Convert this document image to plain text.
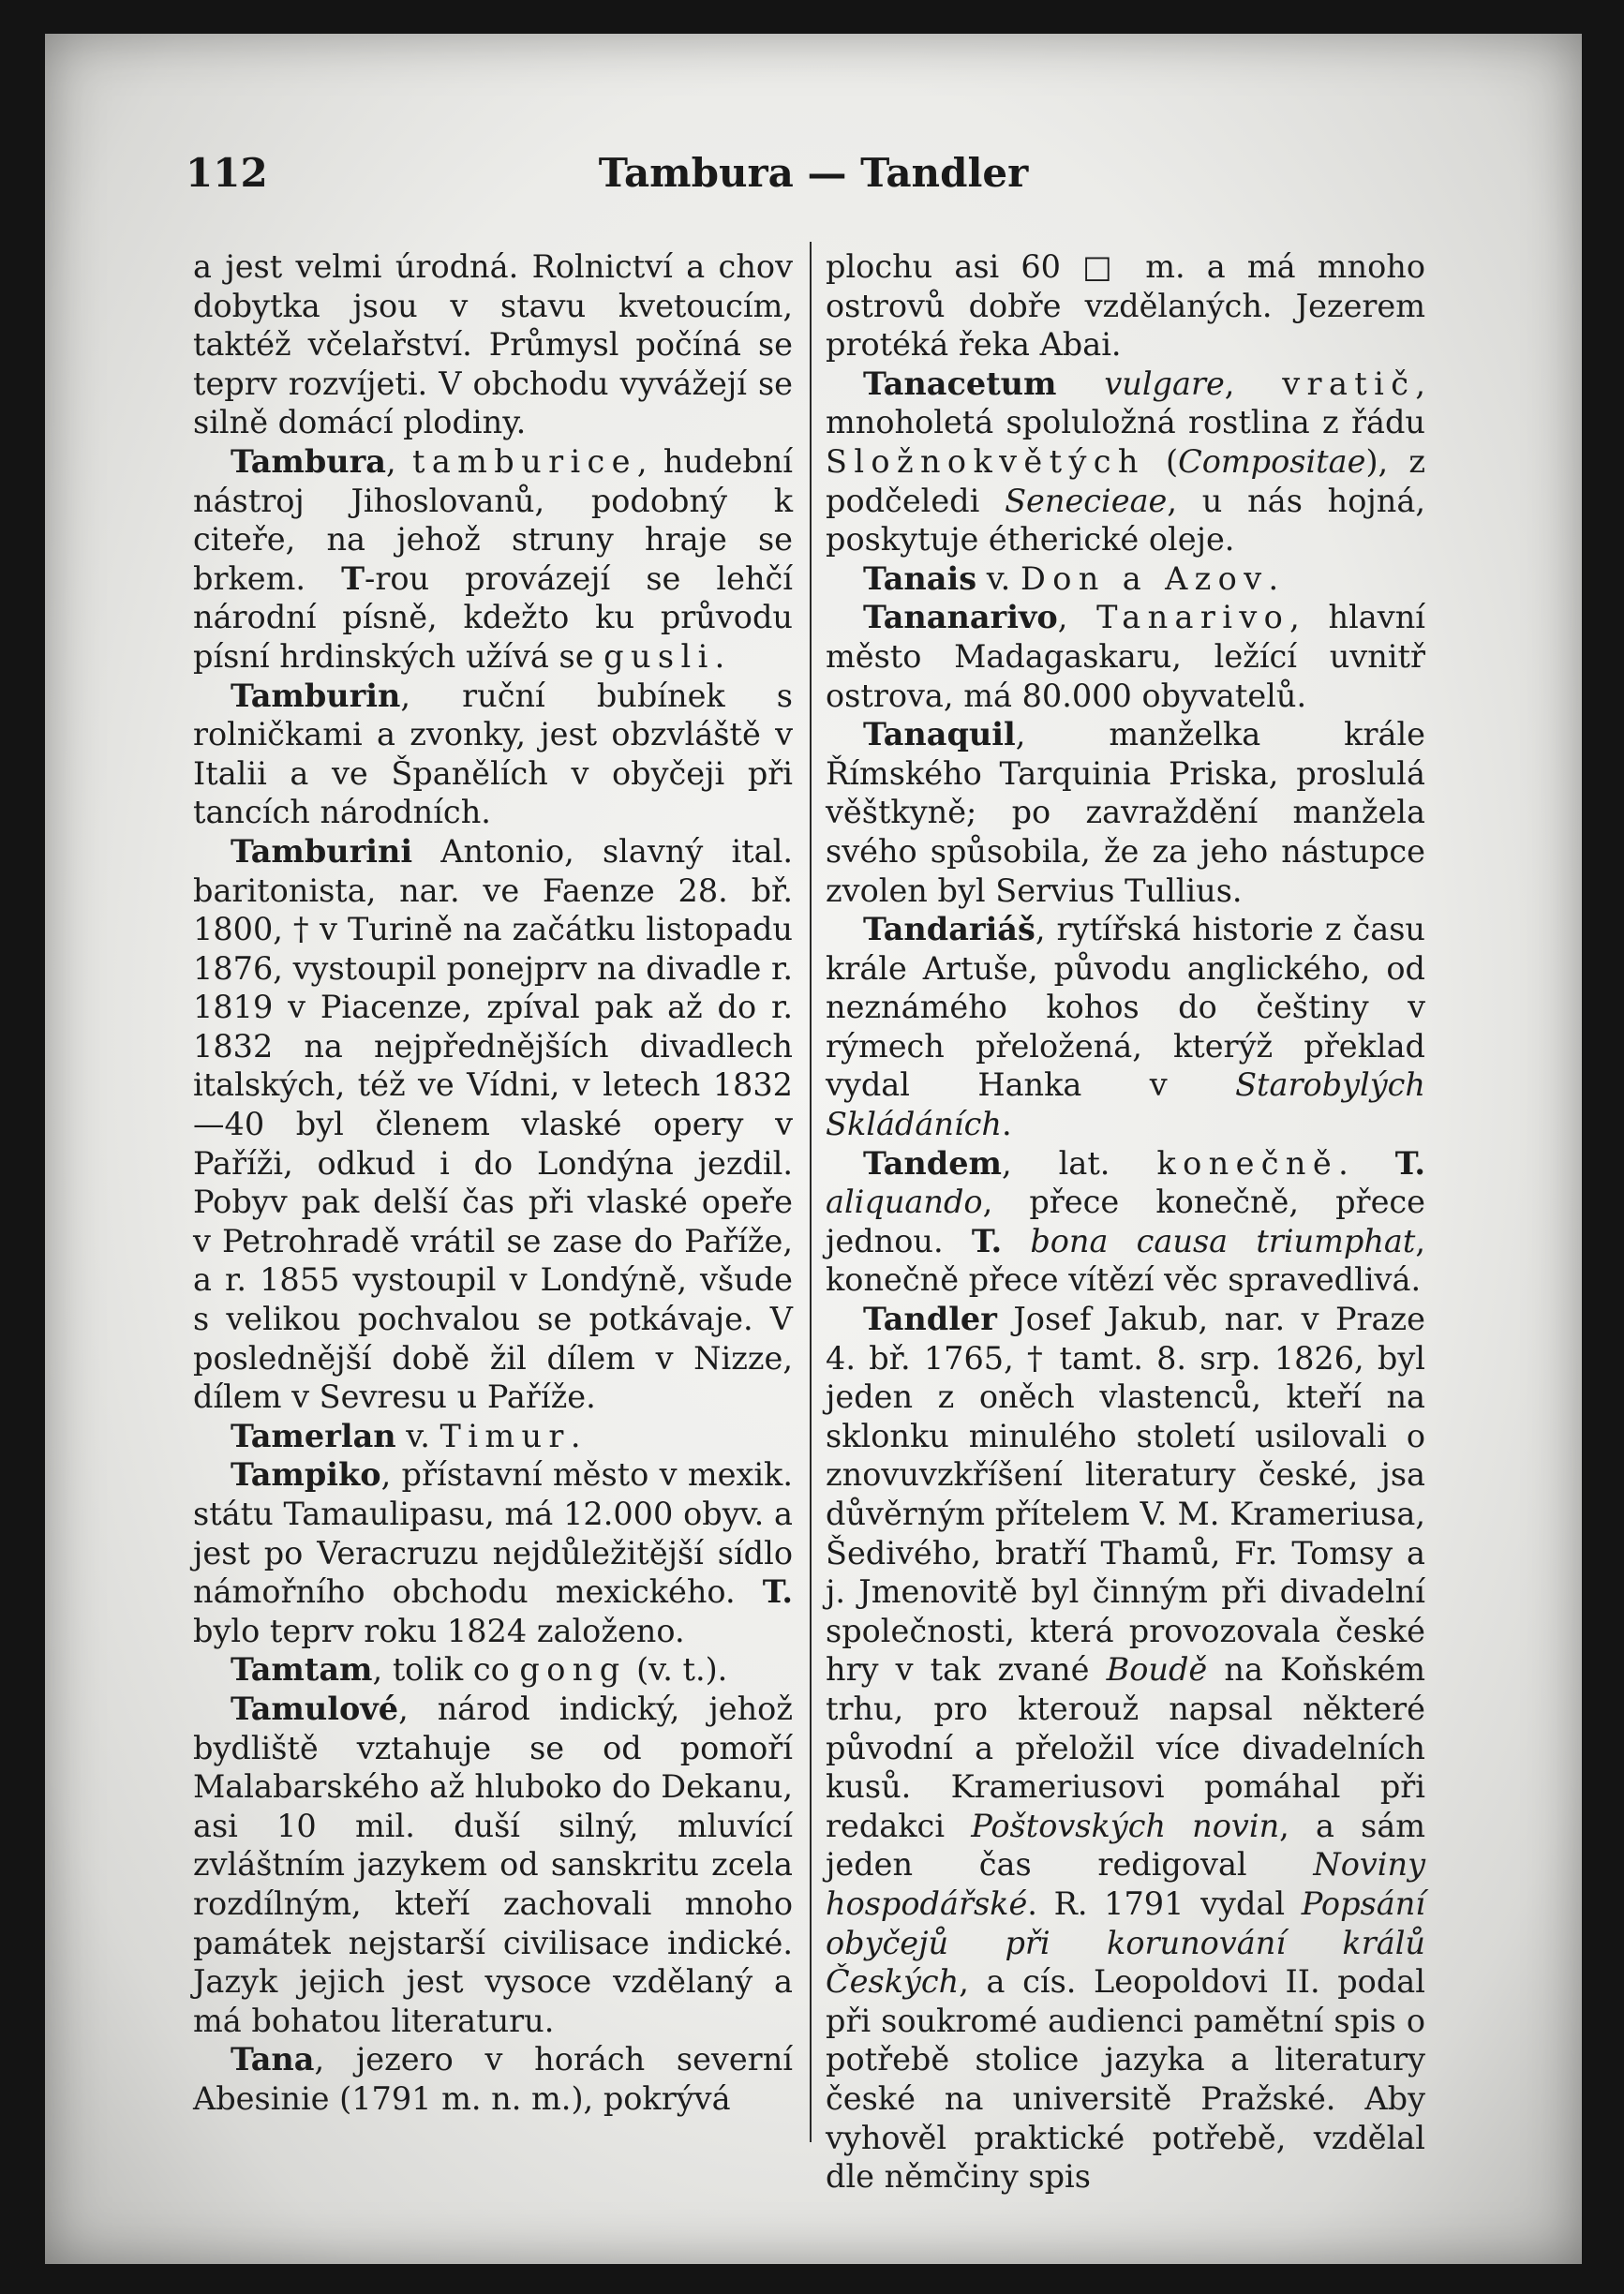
112	Tambura — Tandler

a jest velmi úrodná. Rolnictví a chov dobytka jsou v stavu kvetoucím, taktéž včelařství. Průmysl počíná se teprv rozvíjeti. V obchodu vyvážejí se silně domácí plodiny.

Tambura, tamburice, hudební nástroj Jihoslovanů, podobný k citeře, na jehož struny hraje se brkem. T-rou provázejí se lehčí národní písně, kdežto ku průvodu písní hrdinských užívá se gusli.

Tamburin, ruční bubínek s rolničkami a zvonky, jest obzvláště v Italii a ve Španělích v obyčeji při tancích národních.

Tamburini Antonio, slavný ital. baritonista, nar. ve Faenze 28. bř. 1800, † v Turině na začátku listopadu 1876, vystoupil ponejprv na divadle r. 1819 v Piacenze, zpíval pak až do r. 1832 na nejpřednějších divadlech italských, též ve Vídni, v letech 1832—40 byl členem vlaské opery v Paříži, odkud i do Londýna jezdil. Pobyv pak delší čas při vlaské opeře v Petrohradě vrátil se zase do Paříže, a r. 1855 vystoupil v Londýně, všude s velikou pochvalou se potkávaje. V poslednější době žil dílem v Nizze, dílem v Sevresu u Paříže.

Tamerlan v. Timur.

Tampiko, přístavní město v mexik. státu Tamaulipasu, má 12.000 obyv. a jest po Veracruzu nejdůležitější sídlo námořního obchodu mexického. T. bylo teprv roku 1824 založeno.

Tamtam, tolik co gong (v. t.).

Tamulové, národ indický, jehož bydliště vztahuje se od pomoří Malabarského až hluboko do Dekanu, asi 10 mil. duší silný, mluvící zvláštním jazykem od sanskritu zcela rozdílným, kteří zachovali mnoho památek nejstarší civilisace indické. Jazyk jejich jest vysoce vzdělaný a má bohatou literaturu.

Tana, jezero v horách severní Abesinie (1791 m. n. m.), pokrývá

plochu asi 60 □ m. a má mnoho ostrovů dobře vzdělaných. Jezerem protéká řeka Abai.

Tanacetum vulgare, vratič, mnoholetá spoluložná rostlina z řádu Složnokvětých (Compositae), z podčeledi Senecieae, u nás hojná, poskytuje étherické oleje.

Tanais v. Don a Azov.

Tananarivo, Tanarivo, hlavní město Madagaskaru, ležící uvnitř ostrova, má 80.000 obyvatelů.

Tanaquil, manželka krále Římského Tarquinia Priska, proslulá věštkyně; po zavraždění manžela svého spůsobila, že za jeho nástupce zvolen byl Servius Tullius.

Tandariáš, rytířská historie z času krále Artuše, původu anglického, od neznámého kohos do češtiny v rýmech přeložená, kterýž překlad vydal Hanka v Starobylých Skládáních.

Tandem, lat. konečně. T. aliquando, přece konečně, přece jednou. T. bona causa triumphat, konečně přece vítězí věc spravedlivá.

Tandler Josef Jakub, nar. v Praze 4. bř. 1765, † tamt. 8. srp. 1826, byl jeden z oněch vlastenců, kteří na sklonku minulého století usilovali o znovuvzkříšení literatury české, jsa důvěrným přítelem V. M. Krameriusa, Šedivého, bratří Thamů, Fr. Tomsy a j. Jmenovitě byl činným při divadelní společnosti, která provozovala české hry v tak zvané Boudě na Koňském trhu, pro kterouž napsal některé původní a přeložil více divadelních kusů. Krameriusovi pomáhal při redakci Poštovských novin, a sám jeden čas redigoval Noviny hospodářské. R. 1791 vydal Popsání obyčejů při korunování králů Českých, a cís. Leopoldovi II. podal při soukromé audienci pamětní spis o potřebě stolice jazyka a literatury české na universitě Pražské. Aby vyhověl praktické potřebě, vzdělal dle němčiny spis
